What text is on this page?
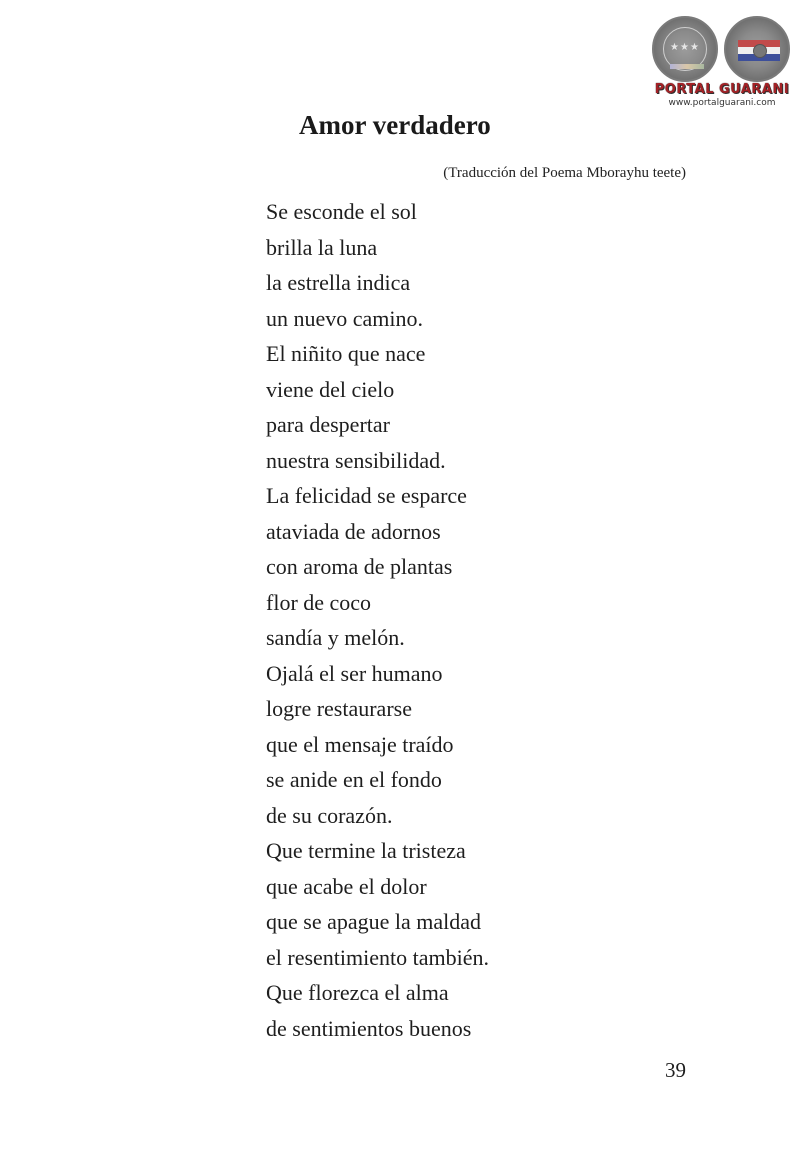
★★★
PORTAL GUARANI
www.portalguarani.com
Amor verdadero
(Traducción del Poema Mborayhu teete)
Se esconde el sol
brilla la luna
la estrella indica
un nuevo camino.
El niñito que nace
viene del cielo
para despertar
nuestra sensibilidad.
La felicidad se esparce
ataviada de adornos
con aroma de plantas
flor de coco
sandía y melón.
Ojalá el ser humano
logre restaurarse
que el mensaje traído
se anide en el fondo
de su corazón.
Que termine la tristeza
que acabe el dolor
que se apague la maldad
el resentimiento también.
Que florezca el alma
de sentimientos buenos
39
